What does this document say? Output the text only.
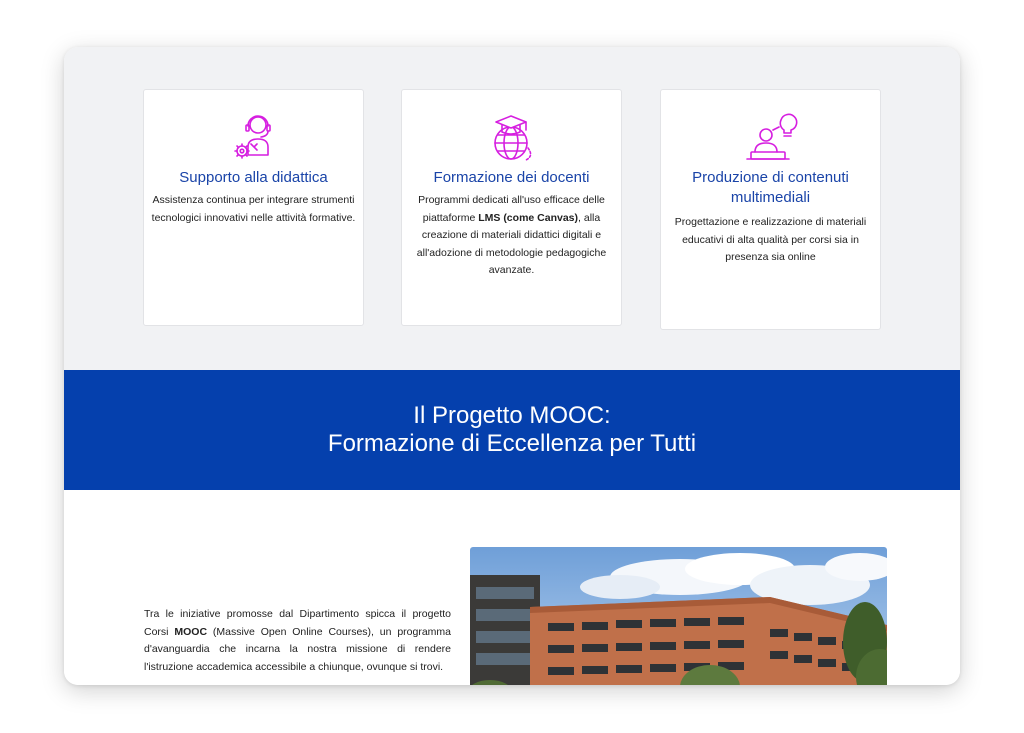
Supporto alla didattica

Assistenza continua per integrare strumenti tecnologici innovativi nelle attività formative.

Formazione dei docenti

Programmi dedicati all'uso efficace delle piattaforme LMS (come Canvas), alla creazione di materiali didattici digitali e all'adozione di metodologie pedagogiche avanzate.

Produzione di contenuti multimediali

Progettazione e realizzazione di materiali educativi di alta qualità per corsi sia in presenza sia online

Il Progetto MOOC:
Formazione di Eccellenza per Tutti

Tra le iniziative promosse dal Dipartimento spicca il progetto Corsi MOOC (Massive Open Online Courses), un programma d'avanguardia che incarna la nostra missione di rendere l'istruzione accademica accessibile a chiunque, ovunque si trovi.
